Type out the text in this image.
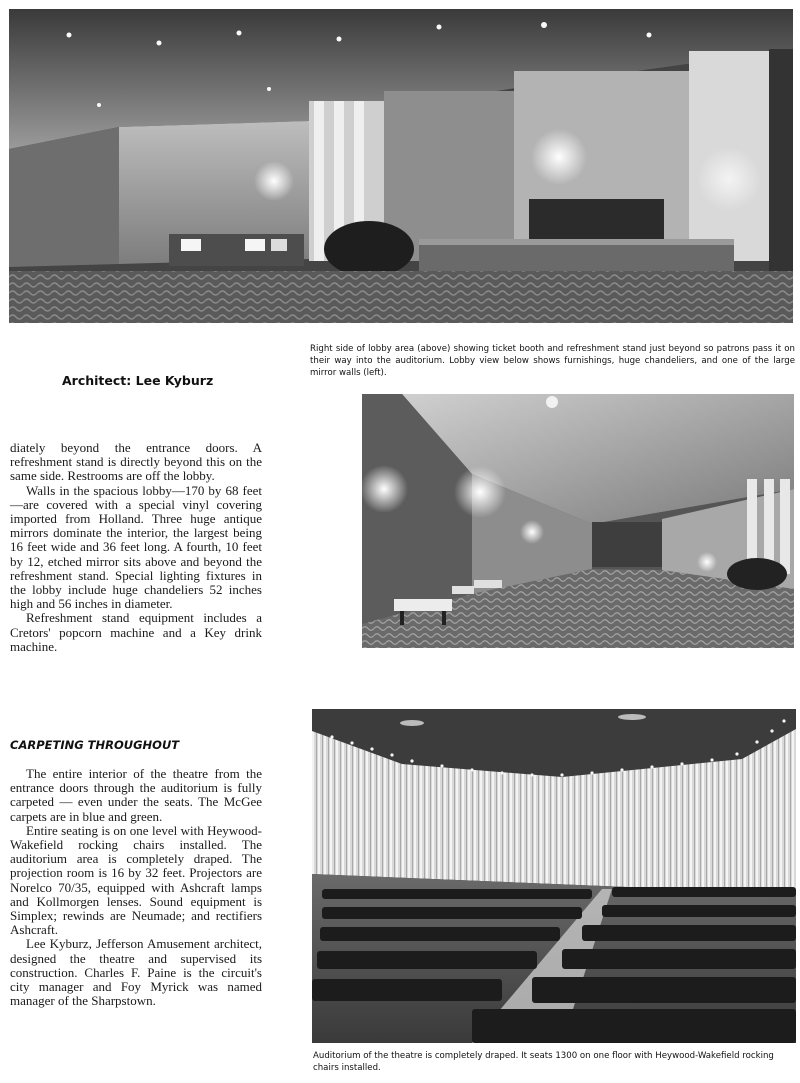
Right side of lobby area (above) showing ticket booth and refreshment stand just beyond so patrons pass it on their way into the auditorium. Lobby view below shows furnishings, huge chandeliers, and one of the large mirror walls (left).
Architect: Lee Kyburz

diately beyond the entrance doors. A refreshment stand is directly beyond this on the same side. Restrooms are off the lobby.

Walls in the spacious lobby—170 by 68 feet—are covered with a special vinyl covering imported from Holland. Three huge antique mirrors dominate the interior, the largest being 16 feet wide and 36 feet long. A fourth, 10 feet by 12, etched mirror sits above and beyond the refreshment stand. Special lighting fixtures in the lobby include huge chandeliers 52 inches high and 56 inches in diameter.

Refreshment stand equipment includes a Cretors' popcorn machine and a Key drink machine.

CARPETING THROUGHOUT

The entire interior of the theatre from the entrance doors through the auditorium is fully carpeted — even under the seats. The McGee carpets are in blue and green.

Entire seating is on one level with Heywood-Wakefield rocking chairs installed. The auditorium area is completely draped. The projection room is 16 by 32 feet. Projectors are Norelco 70/35, equipped with Ashcraft lamps and Kollmorgen lenses. Sound equipment is Simplex; rewinds are Neumade; and rectifiers Ashcraft.

Lee Kyburz, Jefferson Amusement architect, designed the theatre and supervised its construction. Charles F. Paine is the circuit's city manager and Foy Myrick was named manager of the Sharpstown.

Auditorium of the theatre is completely draped. It seats 1300 on one floor with Heywood-Wakefield rocking chairs installed.
